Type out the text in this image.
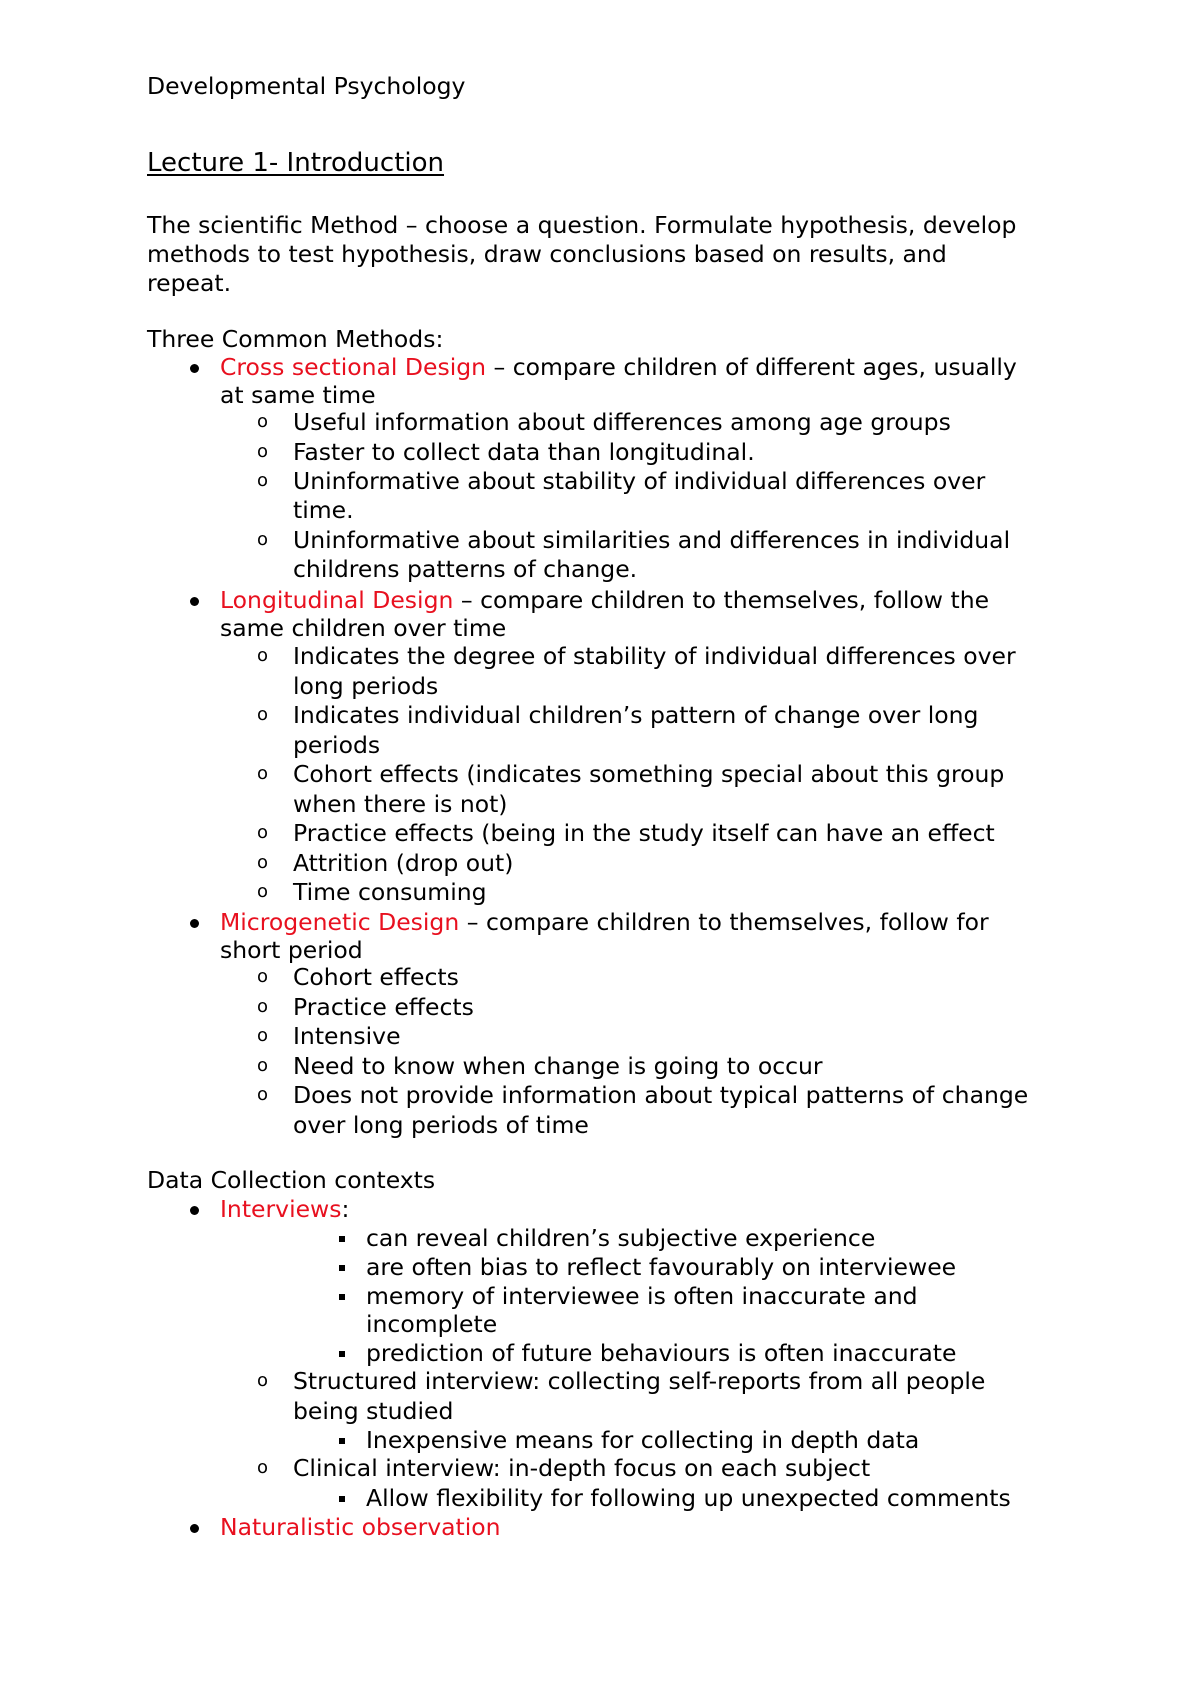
Developmental Psychology
Lecture 1- Introduction
The scientific Method – choose a question. Formulate hypothesis, develop
methods to test hypothesis, draw conclusions based on results, and
repeat.
Three Common Methods:
Cross sectional Design – compare children of different ages, usually
at same time
o Useful information about differences among age groups
o Faster to collect data than longitudinal.
o Uninformative about stability of individual differences over
time.
o Uninformative about similarities and differences in individual
childrens patterns of change.
Longitudinal Design – compare children to themselves, follow the
same children over time
o Indicates the degree of stability of individual differences over
long periods
o Indicates individual children’s pattern of change over long
periods
o Cohort effects (indicates something special about this group
when there is not)
o Practice effects (being in the study itself can have an effect
o Attrition (drop out)
o Time consuming
Microgenetic Design – compare children to themselves, follow for
short period
o Cohort effects
o Practice effects
o Intensive
o Need to know when change is going to occur
o Does not provide information about typical patterns of change
over long periods of time
Data Collection contexts
Interviews:
can reveal children’s subjective experience
are often bias to reflect favourably on interviewee
memory of interviewee is often inaccurate and
incomplete
prediction of future behaviours is often inaccurate
o Structured interview: collecting self-reports from all people
being studied
Inexpensive means for collecting in depth data
o Clinical interview: in-depth focus on each subject
Allow flexibility for following up unexpected comments
Naturalistic observation
